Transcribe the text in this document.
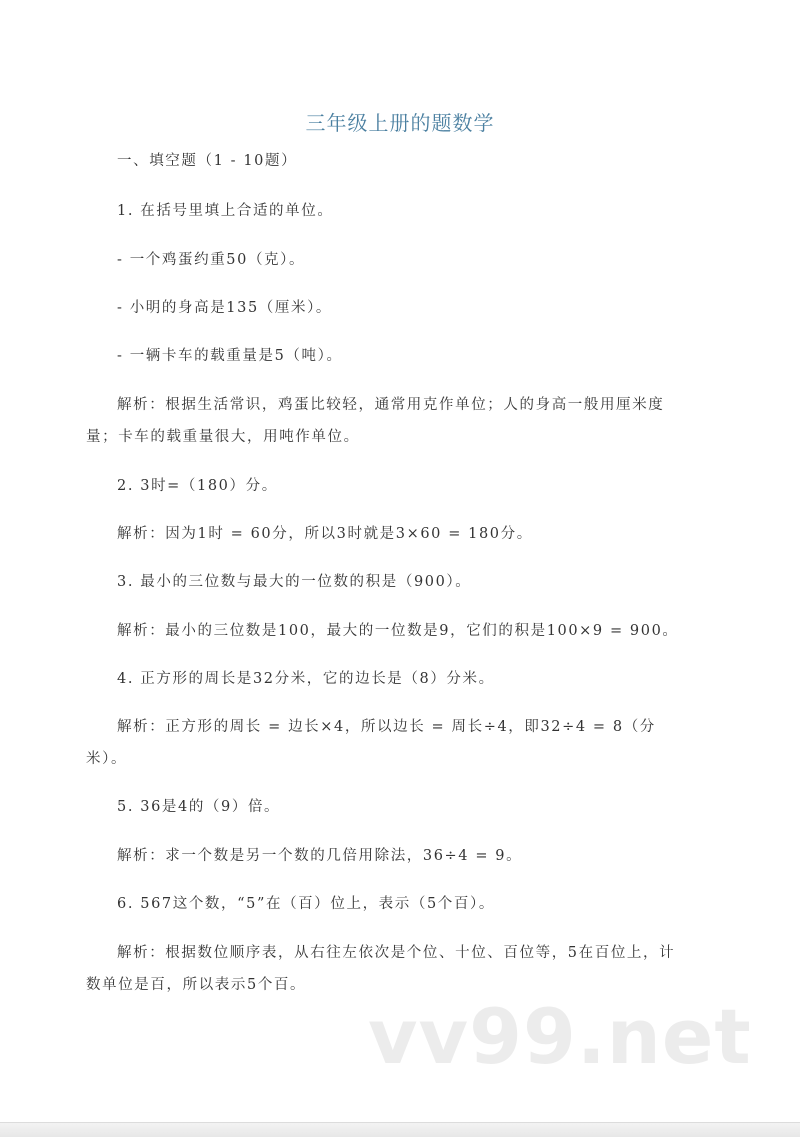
三年级上册的题数学
一、填空题（1 - 10题）
1. 在括号里填上合适的单位。
- 一个鸡蛋约重50（克）。
- 小明的身高是135（厘米）。
- 一辆卡车的载重量是5（吨）。
解析：根据生活常识，鸡蛋比较轻，通常用克作单位；人的身高一般用厘米度
量；卡车的载重量很大，用吨作单位。
2. 3时=（180）分。
解析：因为1时 = 60分，所以3时就是3×60 = 180分。
3. 最小的三位数与最大的一位数的积是（900）。
解析：最小的三位数是100，最大的一位数是9，它们的积是100×9 = 900。
4. 正方形的周长是32分米，它的边长是（8）分米。
解析：正方形的周长 = 边长×4，所以边长 = 周长÷4，即32÷4 = 8（分
米）。
5. 36是4的（9）倍。
解析：求一个数是另一个数的几倍用除法，36÷4 = 9。
6. 567这个数，“5”在（百）位上，表示（5个百）。
解析：根据数位顺序表，从右往左依次是个位、十位、百位等，5在百位上，计
数单位是百，所以表示5个百。
vv99.net
